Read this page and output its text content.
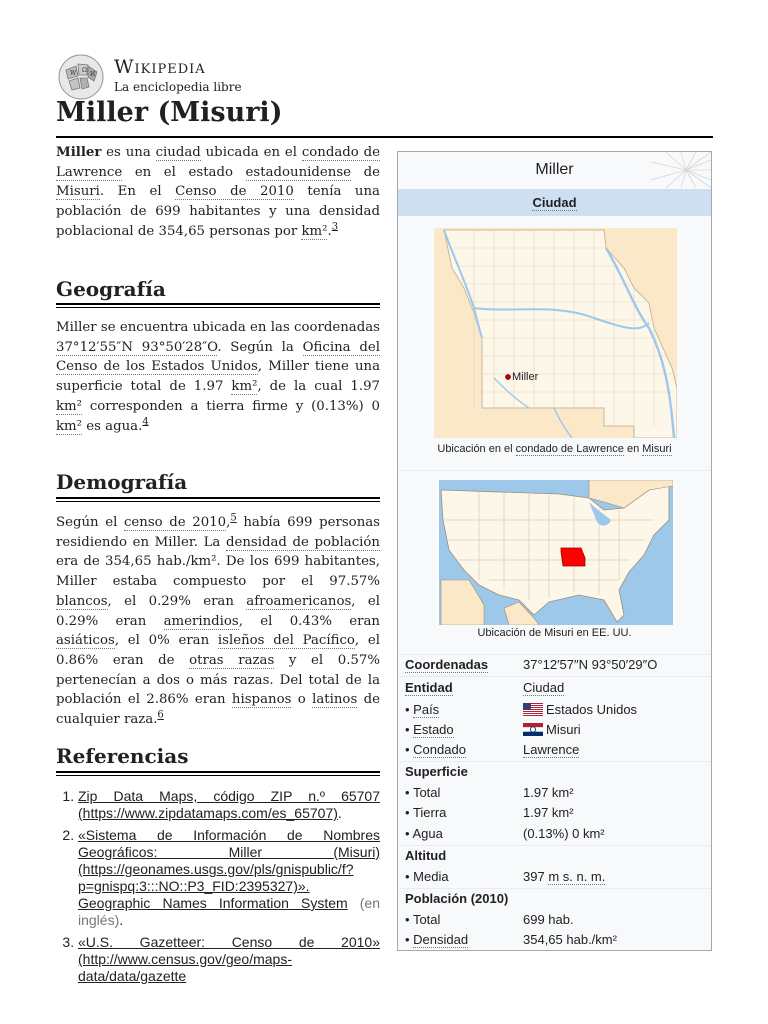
W Ω
И Wikipedia
La enciclopedia libre
Miller (Misuri)

Miller es una ciudad ubicada en el condado de Lawrence en el estado estadounidense de Misuri. En el Censo de 2010 tenía una población de 699 habitantes y una densidad poblacional de 354,65 personas por km².$^3$

Geografía

Miller se encuentra ubicada en las coordenadas 37°12′55″N 93°50′28″O. Según la Oficina del Censo de los Estados Unidos, Miller tiene una superficie total de 1.97 km², de la cual 1.97 km² corresponden a tierra firme y (0.13%) 0 km² es agua.$^4$

Demografía

Según el censo de 2010,$^5$ había 699 personas residiendo en Miller. La densidad de población era de 354,65 hab./km². De los 699 habitantes, Miller estaba compuesto por el 97.57% blancos, el 0.29% eran afroamericanos, el 0.29% eran amerindios, el 0.43% eran asiáticos, el 0% eran isleños del Pacífico, el 0.86% eran de otras razas y el 0.57% pertenecían a dos o más razas. Del total de la población el 2.86% eran hispanos o latinos de cualquier raza.$^6$

Referencias
1. Zip Data Maps, código ZIP n.º 65707 (https://www.zipdatamaps.com/es_65707).
2. «Sistema de Información de Nombres Geográficos: Miller (Misuri) (https://geonames.usgs.gov/pls/gnispublic/f?p=gnispq:3:::NO::P3_FID:2395327)». Geographic Names Information System (en inglés).
3. «U.S. Gazetteer: Censo de 2010» (http://www.census.gov/geo/maps-data/data/gazette
Miller
Ciudad
Miller
Ubicación en el condado de Lawrence en Misuri
Ubicación de Misuri en EE. UU.
Coordenadas	37°12′57″N 93°50′29″O
Entidad	Ciudad
• País	Estados Unidos
• Estado	Misuri
• Condado	Lawrence
Superficie
• Total	1.97 km²
• Tierra	1.97 km²
• Agua	(0.13%) 0 km²
Altitud
• Media	397 m s. n. m.
Población (2010)
• Total	699 hab.
• Densidad	354,65 hab./km²
